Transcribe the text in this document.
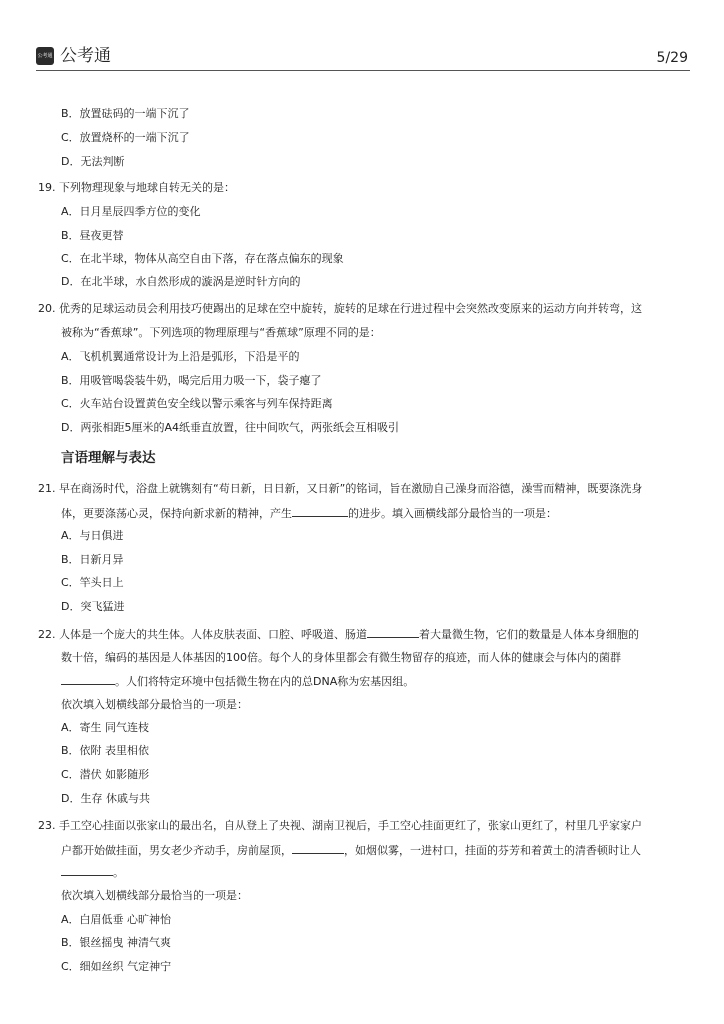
公考通 公考通	5/29
B．放置砝码的一端下沉了
C．放置烧杯的一端下沉了
D．无法判断
19. 下列物理现象与地球自转无关的是：
A．日月星辰四季方位的变化
B．昼夜更替
C．在北半球，物体从高空自由下落，存在落点偏东的现象
D．在北半球，水自然形成的漩涡是逆时针方向的
20. 优秀的足球运动员会利用技巧使踢出的足球在空中旋转，旋转的足球在行进过程中会突然改变原来的运动方向并转弯，这
被称为“香蕉球”。下列选项的物理原理与“香蕉球”原理不同的是：
A．飞机机翼通常设计为上沿是弧形，下沿是平的
B．用吸管喝袋装牛奶，喝完后用力吸一下，袋子瘪了
C．火车站台设置黄色安全线以警示乘客与列车保持距离
D．两张相距5厘米的A4纸垂直放置，往中间吹气，两张纸会互相吸引
言语理解与表达
21. 早在商汤时代，浴盘上就镌刻有“苟日新，日日新，又日新”的铭词，旨在激励自己澡身而浴德，澡雪而精神，既要涤洗身
体，更要涤荡心灵，保持向新求新的精神，产生	的进步。填入画横线部分最恰当的一项是：
A．与日俱进
B．日新月异
C．竿头日上
D．突飞猛进
22. 人体是一个庞大的共生体。人体皮肤表面、口腔、呼吸道、肠道	着大量微生物，它们的数量是人体本身细胞的
数十倍，编码的基因是人体基因的100倍。每个人的身体里都会有微生物留存的痕迹，而人体的健康会与体内的菌群
。人们将特定环境中包括微生物在内的总DNA称为宏基因组。
依次填入划横线部分最恰当的一项是：
A．寄生 同气连枝
B．依附 表里相依
C．潜伏 如影随形
D．生存 休戚与共
23. 手工空心挂面以张家山的最出名，自从登上了央视、湖南卫视后，手工空心挂面更红了，张家山更红了，村里几乎家家户
户都开始做挂面，男女老少齐动手，房前屋顶，	，如烟似雾，一进村口，挂面的芬芳和着黄土的清香顿时让人
。
依次填入划横线部分最恰当的一项是：
A．白眉低垂 心旷神怡
B．银丝摇曳 神清气爽
C．细如丝织 气定神宁
